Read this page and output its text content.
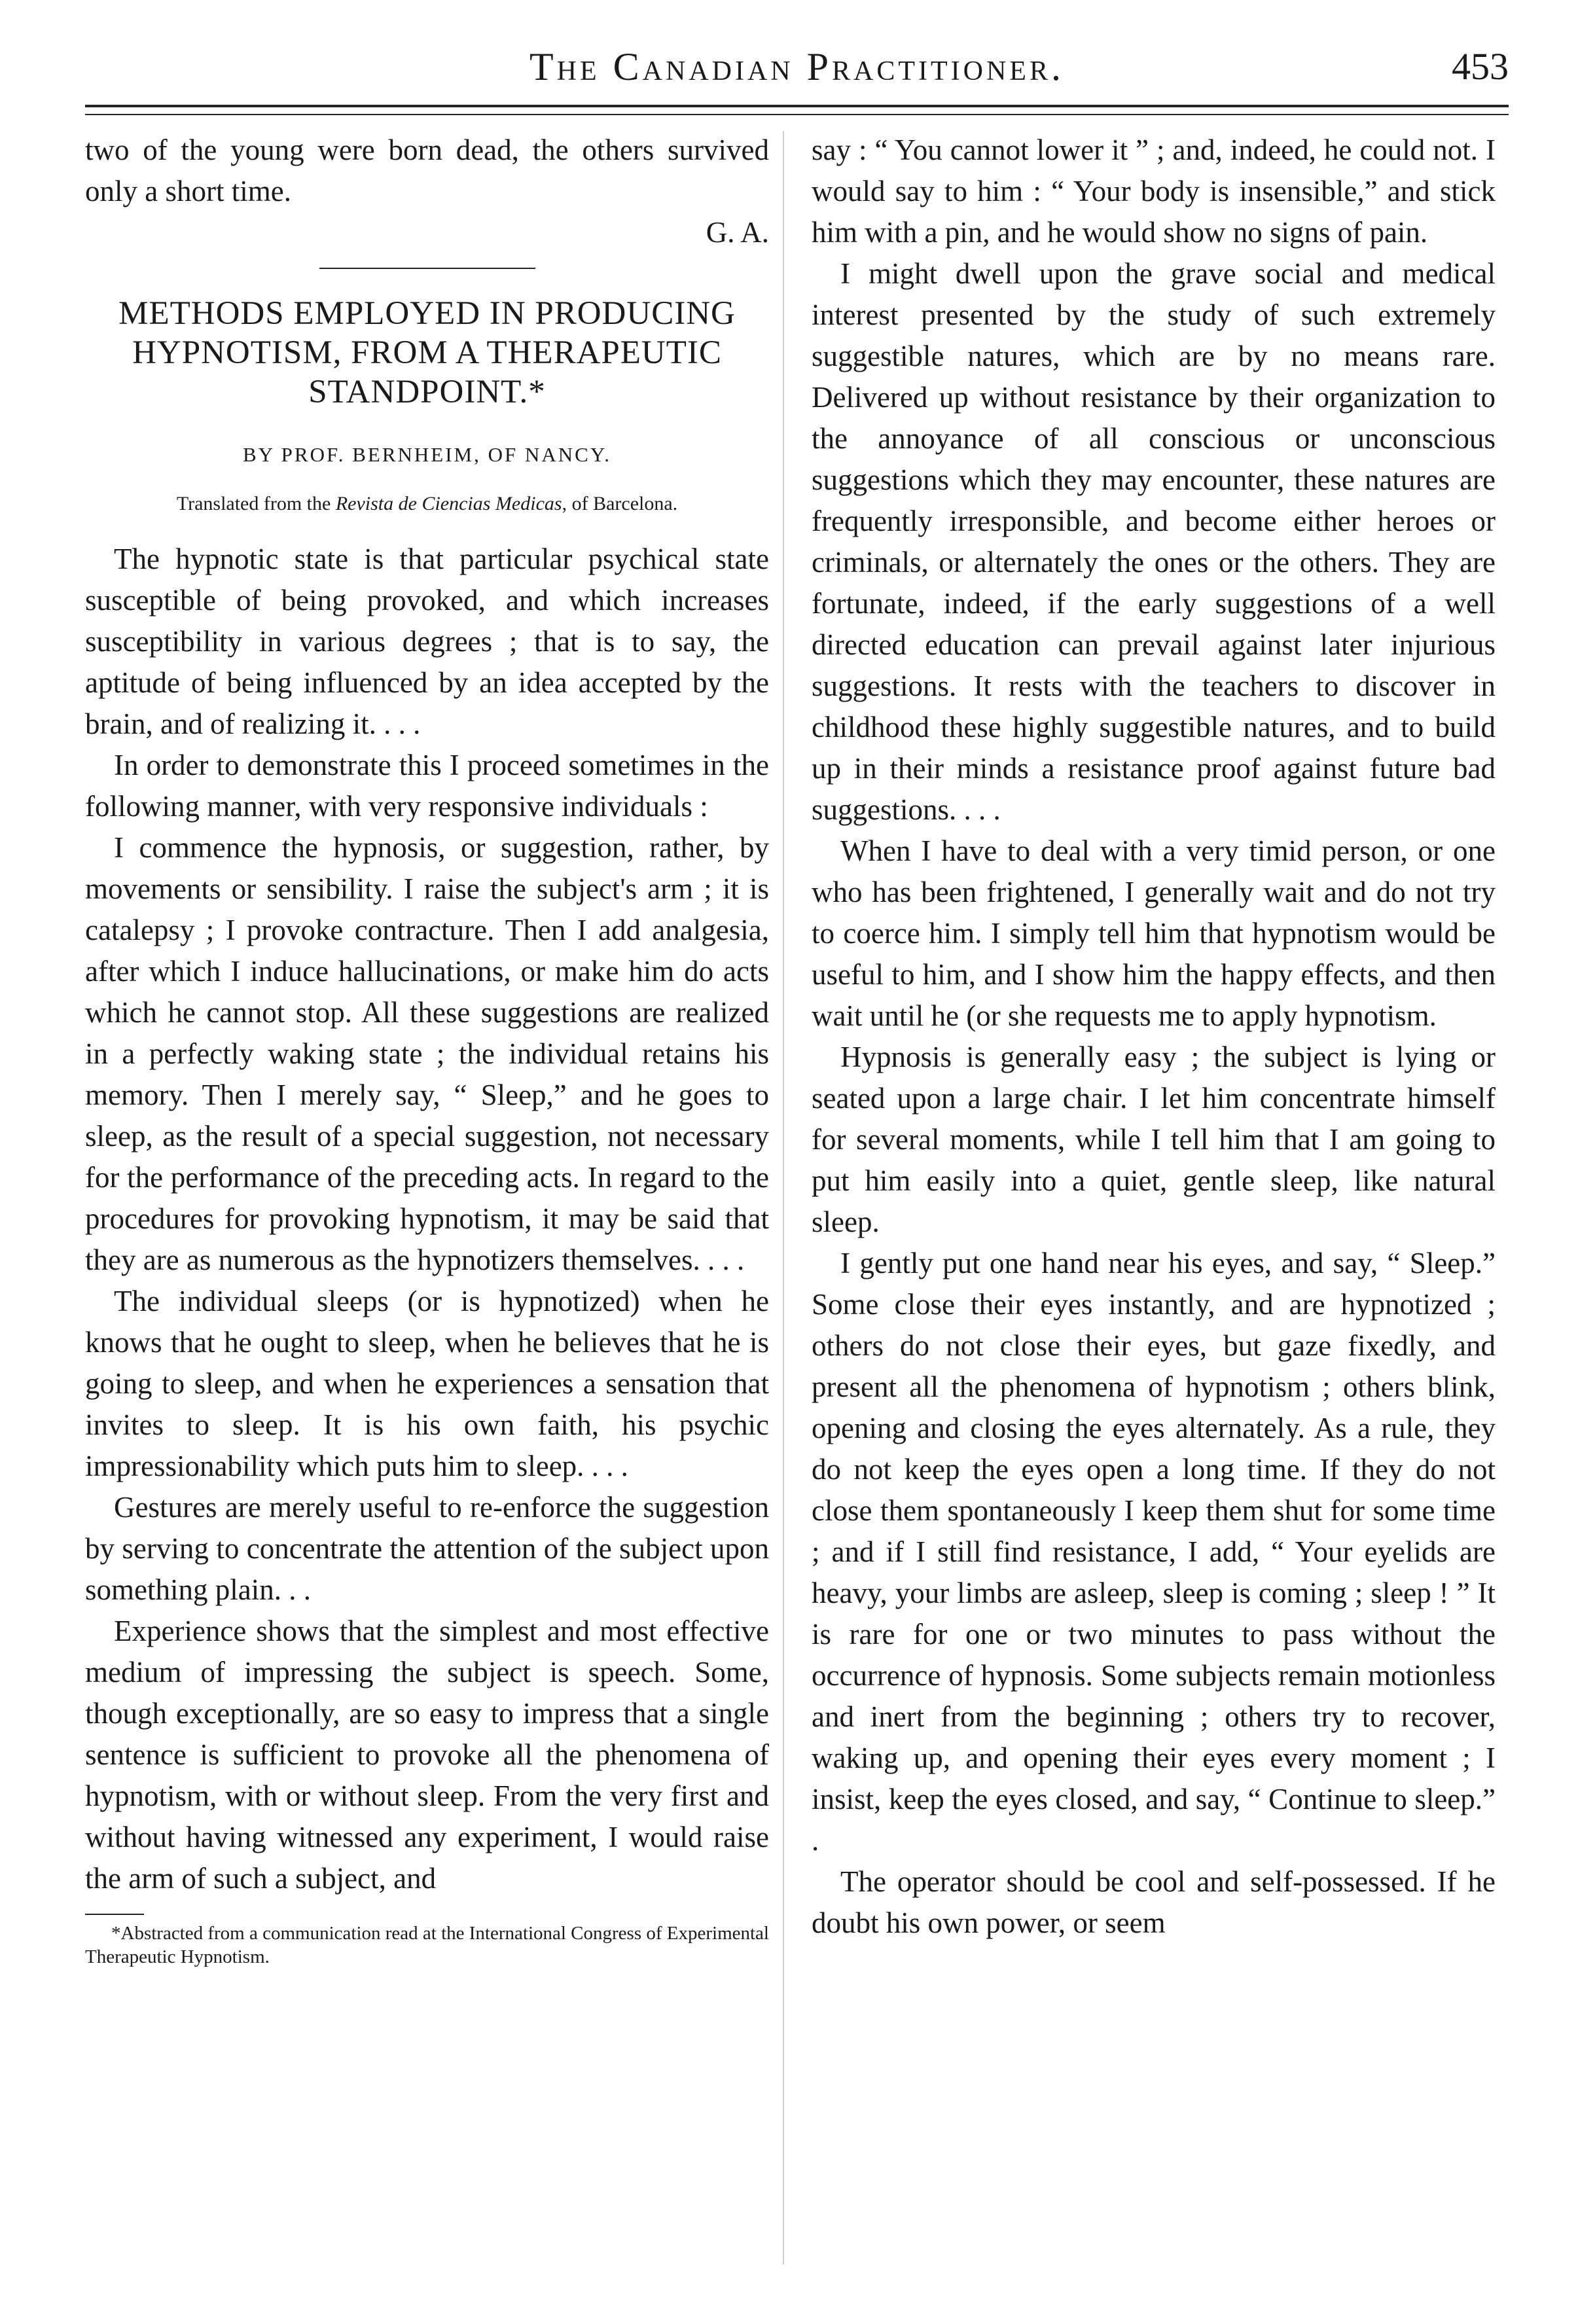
The Canadian Practitioner.	453

two of the young were born dead, the others survived only a short time.

G. A.

METHODS EMPLOYED IN PRODUCING HYPNOTISM, FROM A THERAPEUTIC STANDPOINT.*
BY PROF. BERNHEIM, OF NANCY.
Translated from the Revista de Ciencias Medicas, of Barcelona.

The hypnotic state is that particular psychical state susceptible of being provoked, and which increases susceptibility in various degrees ; that is to say, the aptitude of being influenced by an idea accepted by the brain, and of realizing it. . . .

In order to demonstrate this I proceed sometimes in the following manner, with very responsive individuals :

I commence the hypnosis, or suggestion, rather, by movements or sensibility. I raise the subject's arm ; it is catalepsy ; I provoke contracture. Then I add analgesia, after which I induce hallucinations, or make him do acts which he cannot stop. All these suggestions are realized in a perfectly waking state ; the individual retains his memory. Then I merely say, “ Sleep,” and he goes to sleep, as the result of a special suggestion, not necessary for the performance of the preceding acts. In regard to the procedures for provoking hypnotism, it may be said that they are as numerous as the hypnotizers themselves. . . .

The individual sleeps (or is hypnotized) when he knows that he ought to sleep, when he believes that he is going to sleep, and when he experiences a sensation that invites to sleep. It is his own faith, his psychic impressionability which puts him to sleep. . . .

Gestures are merely useful to re-enforce the suggestion by serving to concentrate the attention of the subject upon something plain. . .

Experience shows that the simplest and most effective medium of impressing the subject is speech. Some, though exceptionally, are so easy to impress that a single sentence is sufficient to provoke all the phenomena of hypnotism, with or without sleep. From the very first and without having witnessed any experiment, I would raise the arm of such a subject, and

*Abstracted from a communication read at the International Congress of Experimental Therapeutic Hypnotism.

say : “ You cannot lower it ” ; and, indeed, he could not. I would say to him : “ Your body is insensible,” and stick him with a pin, and he would show no signs of pain.

I might dwell upon the grave social and medical interest presented by the study of such extremely suggestible natures, which are by no means rare. Delivered up without resistance by their organization to the annoyance of all conscious or unconscious suggestions which they may encounter, these natures are frequently irresponsible, and become either heroes or criminals, or alternately the ones or the others. They are fortunate, indeed, if the early suggestions of a well directed education can prevail against later injurious suggestions. It rests with the teachers to discover in childhood these highly suggestible natures, and to build up in their minds a resistance proof against future bad suggestions. . . .

When I have to deal with a very timid person, or one who has been frightened, I generally wait and do not try to coerce him. I simply tell him that hypnotism would be useful to him, and I show him the happy effects, and then wait until he (or she requests me to apply hypnotism.

Hypnosis is generally easy ; the subject is lying or seated upon a large chair. I let him concentrate himself for several moments, while I tell him that I am going to put him easily into a quiet, gentle sleep, like natural sleep.

I gently put one hand near his eyes, and say, “ Sleep.” Some close their eyes instantly, and are hypnotized ; others do not close their eyes, but gaze fixedly, and present all the phenomena of hypnotism ; others blink, opening and closing the eyes alternately. As a rule, they do not keep the eyes open a long time. If they do not close them spontaneously I keep them shut for some time ; and if I still find resistance, I add, “ Your eyelids are heavy, your limbs are asleep, sleep is coming ; sleep ! ” It is rare for one or two minutes to pass without the occurrence of hypnosis. Some subjects remain motionless and inert from the beginning ; others try to recover, waking up, and opening their eyes every moment ; I insist, keep the eyes closed, and say, “ Continue to sleep.” .

The operator should be cool and self-possessed. If he doubt his own power, or seem
